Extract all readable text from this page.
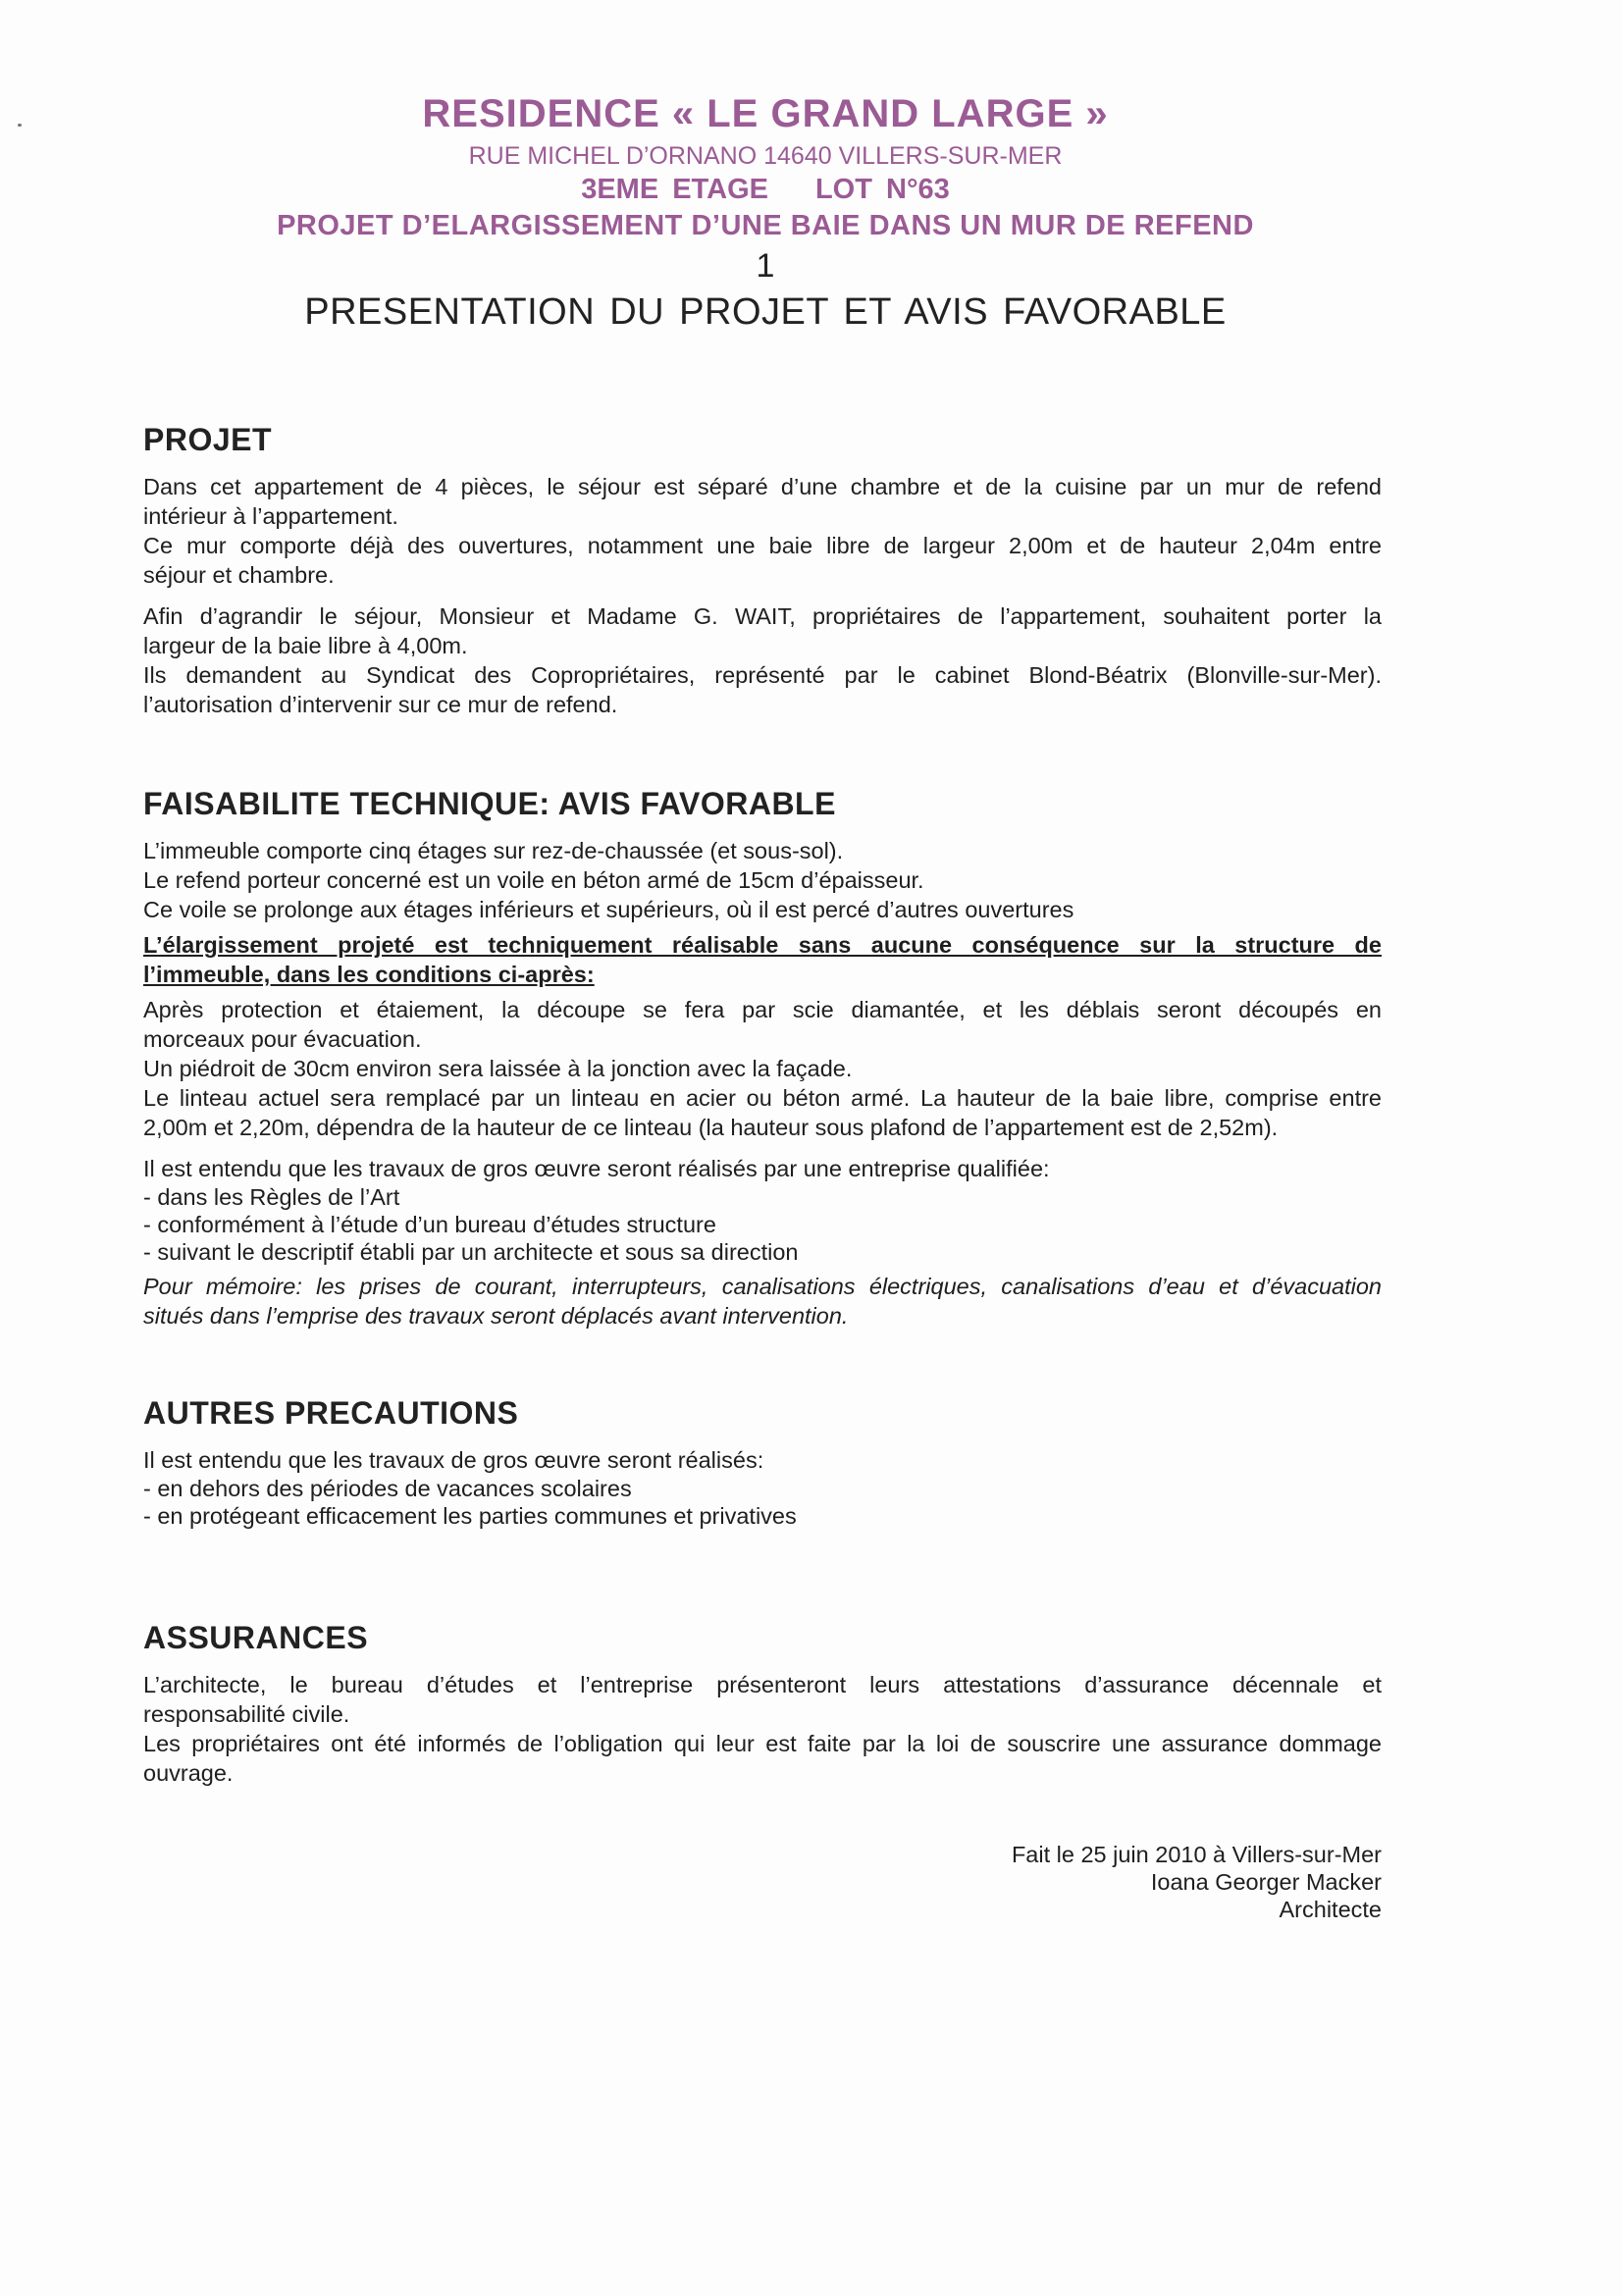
RESIDENCE « LE GRAND LARGE »
RUE MICHEL D’ORNANO 14640 VILLERS-SUR-MER
3EME ETAGE LOT N°63
PROJET D’ELARGISSEMENT D’UNE BAIE DANS UN MUR DE REFEND
1
PRESENTATION DU PROJET ET AVIS FAVORABLE
PROJET

Dans cet appartement de 4 pièces, le séjour est séparé d’une chambre et de la cuisine par un mur de refend
intérieur à l’appartement.
Ce mur comporte déjà des ouvertures, notamment une baie libre de largeur 2,00m et de hauteur 2,04m entre
séjour et chambre.

Afin d’agrandir le séjour, Monsieur et Madame G. WAIT, propriétaires de l’appartement, souhaitent porter la
largeur de la baie libre à 4,00m.
Ils demandent au Syndicat des Copropriétaires, représenté par le cabinet Blond-Béatrix (Blonville-sur-Mer).
l’autorisation d’intervenir sur ce mur de refend.

FAISABILITE TECHNIQUE: AVIS FAVORABLE

L’immeuble comporte cinq étages sur rez-de-chaussée (et sous-sol).
Le refend porteur concerné est un voile en béton armé de 15cm d’épaisseur.
Ce voile se prolonge aux étages inférieurs et supérieurs, où il est percé d’autres ouvertures

L’élargissement projeté est techniquement réalisable sans aucune conséquence sur la structure de
l’immeuble, dans les conditions ci-après:

Après protection et étaiement, la découpe se fera par scie diamantée, et les déblais seront découpés en
morceaux pour évacuation.
Un piédroit de 30cm environ sera laissée à la jonction avec la façade.
Le linteau actuel sera remplacé par un linteau en acier ou béton armé. La hauteur de la baie libre, comprise entre
2,00m et 2,20m, dépendra de la hauteur de ce linteau (la hauteur sous plafond de l’appartement est de 2,52m).

Il est entendu que les travaux de gros œuvre seront réalisés par une entreprise qualifiée:
- dans les Règles de l’Art
- conformément à l’étude d’un bureau d’études structure
- suivant le descriptif établi par un architecte et sous sa direction

Pour mémoire: les prises de courant, interrupteurs, canalisations électriques, canalisations d’eau et d’évacuation
situés dans l’emprise des travaux seront déplacés avant intervention.

AUTRES PRECAUTIONS

Il est entendu que les travaux de gros œuvre seront réalisés:
- en dehors des périodes de vacances scolaires
- en protégeant efficacement les parties communes et privatives

ASSURANCES

L’architecte, le bureau d’études et l’entreprise présenteront leurs attestations d’assurance décennale et
responsabilité civile.
Les propriétaires ont été informés de l’obligation qui leur est faite par la loi de souscrire une assurance dommage
ouvrage.

Fait le 25 juin 2010 à Villers-sur-Mer
Ioana Georger Macker
Architecte
